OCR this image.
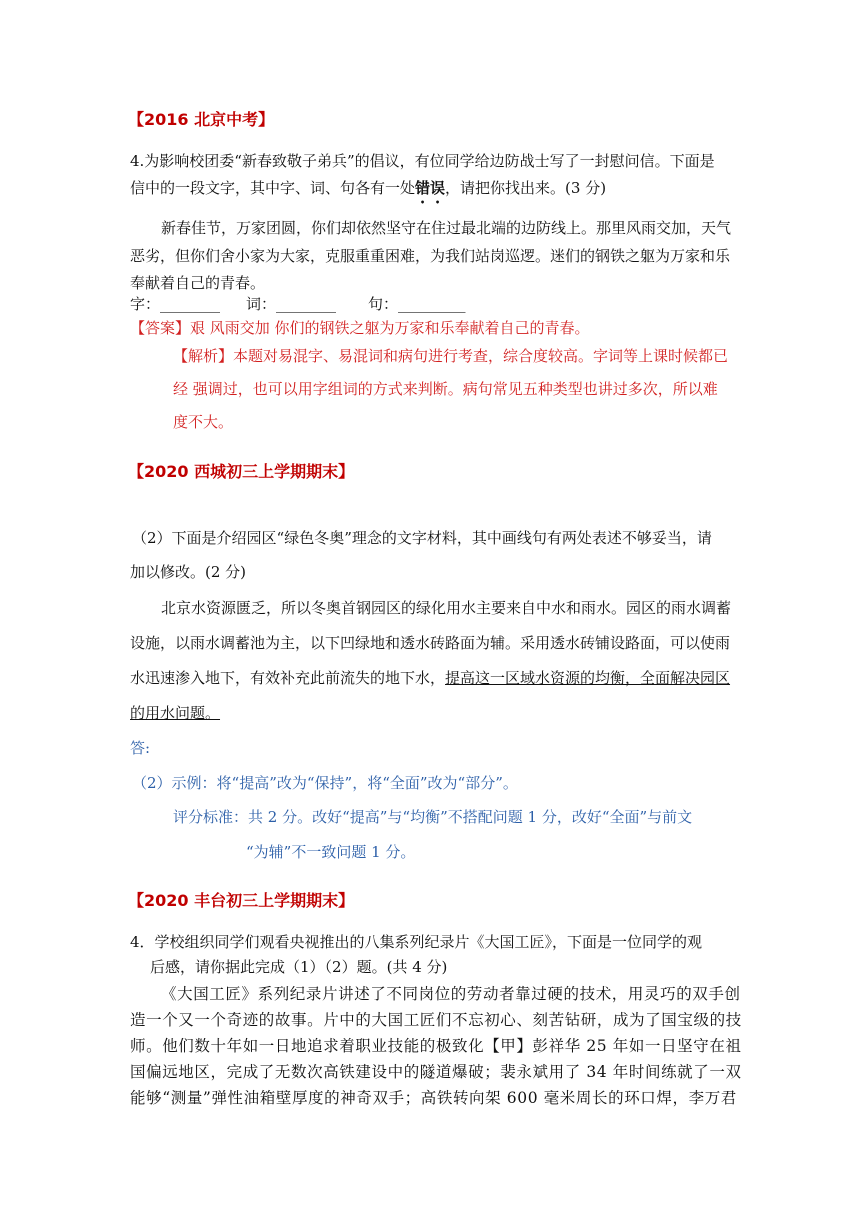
【2016 北京中考】
4.为影响校团委“新春致敬子弟兵”的倡议，有位同学给边防战士写了一封慰问信。下面是
信中的一段文字，其中字、词、句各有一处错误，请把你找出来。(3 分)
新春佳节，万家团圆，你们却依然坚守在住过最北端的边防线上。那里风雨交加，天气
恶劣，但你们舍小家为大家，克服重重困难，为我们站岗巡逻。迷们的钢铁之躯为万家和乐
奉献着自己的青春。
字：________ 词：________ 句：_________
【答案】艰 风雨交加 你们的钢铁之躯为万家和乐奉献着自己的青春。
【解析】本题对易混字、易混词和病句进行考查，综合度较高。字词等上课时候都已
经 强调过，也可以用字组词的方式来判断。病句常见五种类型也讲过多次，所以难
度不大。
【2020 西城初三上学期期末】
（2）下面是介绍园区“绿色冬奥”理念的文字材料，其中画线句有两处表述不够妥当，请
加以修改。(2 分)
北京水资源匮乏，所以冬奥首钢园区的绿化用水主要来自中水和雨水。园区的雨水调蓄
设施，以雨水调蓄池为主，以下凹绿地和透水砖路面为辅。采用透水砖铺设路面，可以使雨
水迅速渗入地下，有效补充此前流失的地下水，提高这一区域水资源的均衡，全面解决园区
的用水问题。
答:
（2）示例：将“提高”改为“保持”，将“全面”改为“部分”。
评分标准：共 2 分。改好“提高”与“均衡”不搭配问题 1 分，改好“全面”与前文
“为辅”不一致问题 1 分。
【2020 丰台初三上学期期末】
4．学校组织同学们观看央视推出的八集系列纪录片《大国工匠》，下面是一位同学的观
后感，请你据此完成（1）（2）题。(共 4 分)
《大国工匠》系列纪录片讲述了不同岗位的劳动者靠过硬的技术，用灵巧的双手创
造一个又一个奇迹的故事。片中的大国工匠们不忘初心、刻苦钻研，成为了国宝级的技
师。他们数十年如一日地追求着职业技能的极致化【甲】彭祥华 25 年如一日坚守在祖
国偏远地区，完成了无数次高铁建设中的隧道爆破；裴永斌用了 34 年时间练就了一双
能够“测量”弹性油箱壁厚度的神奇双手；高铁转向架 600 毫米周长的环口焊，李万君
